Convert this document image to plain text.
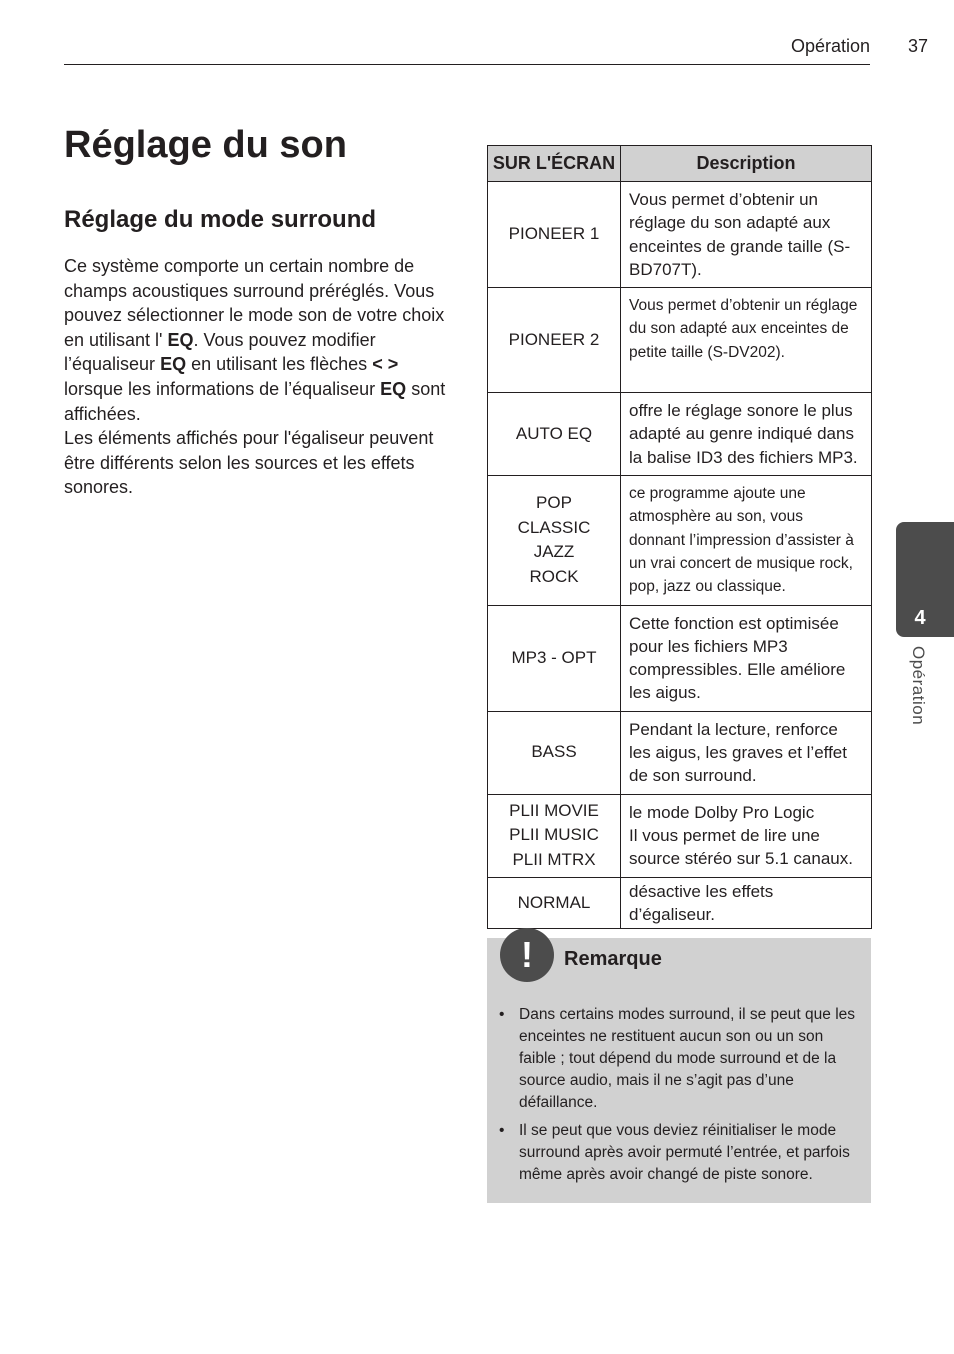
Opération	37
Réglage du son
Réglage du mode surround

Ce système comporte un certain nombre de champs acoustiques surround préréglés. Vous pouvez sélectionner le mode son de votre choix en utilisant l' EQ. Vous pouvez modifier l’équaliseur EQ en utilisant les flèches < > lorsque les informations de l’équaliseur EQ sont affichées.

Les éléments affichés pour l'égaliseur peuvent être différents selon les sources et les effets sonores.

SUR L'ÉCRAN	Description

PIONEER 1	Vous permet d’obtenir un réglage du son adapté aux enceintes de grande taille (S-BD707T).

PIONEER 2	Vous permet d’obtenir un réglage du son adapté aux enceintes de petite taille (S-DV202).

AUTO EQ	offre le réglage sonore le plus adapté au genre indiqué dans la balise ID3 des fichiers MP3.

POP
CLASSIC
JAZZ
ROCK	ce programme ajoute une atmosphère au son, vous donnant l’impression d’assister à un vrai concert de musique rock, pop, jazz ou classique.

MP3 - OPT	Cette fonction est optimisée pour les fichiers MP3 compressibles. Elle améliore les aigus.

BASS	Pendant la lecture, renforce les aigus, les graves et l’effet de son surround.

PLII MOVIE
PLII MUSIC
PLII MTRX	le mode Dolby Pro Logic
Il vous permet de lire une source stéréo sur 5.1 canaux.

NORMAL	désactive les effets d’égaliseur.
!	Remarque
• Dans certains modes surround, il se peut que les enceintes ne restituent aucun son ou un son faible ; tout dépend du mode surround et de la source audio, mais il ne s’agit pas d’une défaillance.
• Il se peut que vous deviez réinitialiser le mode surround après avoir permuté l’entrée, et parfois même après avoir changé de piste sonore.
4
Opération
